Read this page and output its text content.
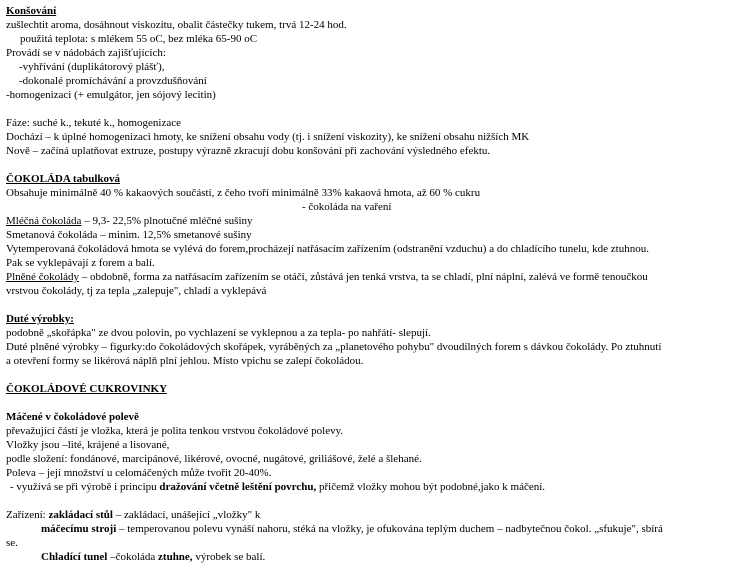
Konšování
zušlechtit aroma, dosáhnout viskozitu, obalit částečky tukem, trvá 12-24 hod.
použitá teplota: s mlékem 55 oC, bez mléka 65-90 oC
Provádí se v nádobách zajišťujících:
-vyhřívání (duplikátorový plášť),
-dokonalé promíchávání a provzdušňování
-homogenizaci (+ emulgátor, jen sójový lecitin)
Fáze: suché k., tekuté k., homogenizace
Dochází – k úplné homogenizaci hmoty, ke snížení obsahu vody (tj. i snížení viskozity), ke snížení obsahu nižších MK
Nově – začíná uplatňovat extruze, postupy výrazně zkracují dobu konšování při zachování výsledného efektu.
ČOKOLÁDA tabulková
Obsahuje minimálně 40 % kakaových součástí, z čeho tvoří minimálně 33% kakaová hmota, až 60 % cukru
- čokoláda na vaření
Mléčná čokoláda – 9,3- 22,5% plnotučné mléčné sušiny
Smetanová čokoláda – minim. 12,5% smetanové sušiny
Vytemperovaná čokoládová hmota se vylévá do forem,procházejí natřásacím zařízením (odstranění vzduchu) a do chladícího tunelu, kde ztuhnou.
Pak se vyklepávají z forem a balí.
Plněné čokolády – obdobně, forma za natřásacím zařízením se otáčí, zůstává jen tenká vrstva, ta se chladí, plní náplní, zalévá ve formě tenoučkou
vrstvou čokolády, tj za tepla „zalepuje", chladí a vyklepává
Duté výrobky:
podobně „skořápka" ze dvou polovin, po vychlazení se vyklepnou a za tepla- po nahřátí- slepují.
Duté plněné výrobky – figurky:do čokoládových skořápek, vyráběných za „planetového pohybu" dvoudílných forem s dávkou čokolády. Po ztuhnutí
a otevření formy se likérová náplň plní jehlou. Místo vpichu se zalepí čokoládou.
ČOKOLÁDOVÉ CUKROVINKY
Máčené v čokoládové polevě
převažující částí je vložka, která je polita tenkou vrstvou čokoládové polevy.
Vložky jsou –lité, krájené a lisované,
podle složení: fondánové, marcipánové, likérové, ovocné, nugátové, griliášové, želé a šlehané.
Poleva – její množství u celomáčených může tvořit 20-40%.
- využívá se při výrobě i principu dražování včetně leštění povrchu, přičemž vložky mohou být podobné,jako k máčení.
Zařízení: zakládací stůl – zakládací, unášející „vložky" k
máčecímu stroji – temperovanou polevu vynáší nahoru, stéká na vložky, je ofukována teplým duchem – nadbytečnou čokol. „sfukuje", sbírá
se.
Chladící tunel –čokoláda ztuhne, výrobek se balí.
